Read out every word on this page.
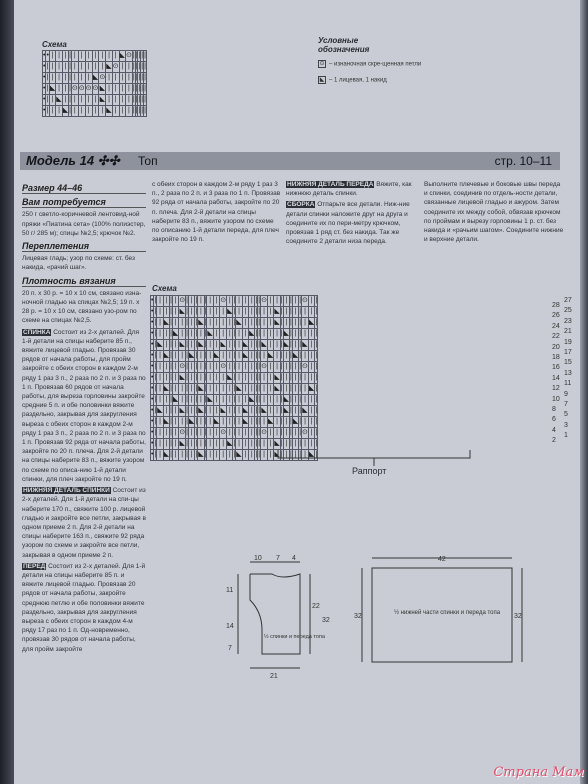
Схема
•	•	|	|	|	|	|	|	|	|	|	|	|	◣	⊙	|	|	|	|	|
•	|	|	|	|	|	|	|	|	|	|	◣	⊙	|	|	|	|	|	|	|
•	|	|	|	|	|	|	|	|	◣	⊙	|	|	|	|	|	|	|	|	|
•	|	◣	|	|	|	⊙	⊙	⊙	⊙	◣	|	|	|	|	|	|	|	|	|
•	|	|	◣	|	|	|	|	|	|	◣	|	|	|	|	|	|	|	|	|
•	|	|	|	◣	|	|	|	|	|	|	◣	|	|	|	|	|	|	|	|
Условные обозначения
⊙ – изнаночная скре-щенная петли
◣ – 1 лицевая, 1 накид
Модель 14 ✣✣ Топ	стр. 10–11
Размер 44–46
Вам потребуется

250 г светло-коричневой лентовид-ной пряжи «Пиатина сета» (100% полиэстер, 50 г/ 285 м); спицы №2,5; крючок №2.

Переплетения

Лицевая гладь; узор по схеме: ст. без накида, «рачий шаг».

Плотность вязания

20 п. х 30 р. = 10 х 10 см, связано изна-ночной гладью на спицах №2,5; 19 п. х 28 р. = 10 х 10 см, связано узо-ром по схеме на спицах №2,5.

СПИНКА Состоит из 2-х деталей. Для 1-й детали на спицы наберите 85 п., вяжите лицевой гладью. Провязав 30 рядов от начала работы, для пройм закройте с обеих сторон в каждом 2-м ряду 1 раз 3 п., 2 раза по 2 п. и 3 раза по 1 п. Провязав 60 рядов от начала работы, для выреза горловины закройте средние 5 п. и обе половинки вяжите раздельно, закрывая для закругления выреза с обеих сторон в каждом 2-м ряду 1 раз 3 п., 2 раза по 2 п. и 3 раза по 1 п. Провязав 92 ряда от начала работы, закройте по 20 п. плеча. Для 2-й детали на спицы наберите 83 п., вяжите узором по схеме по описа-нию 1-й детали спинки, для плеч закройте по 19 п.

НИЖНЯЯ ДЕТАЛЬ СПИНКИ Состоит из 2-х деталей. Для 1-й детали на спи-цы наберите 170 п., свяжите 100 р. лицевой гладью и закройте все петли, закрывая в одном приеме 2 п. Для 2-й детали на спицы наберите 163 п., свяжите 92 ряда узором по схеме и закройте все петли, закрывая в одном приеме 2 п.

ПЕРЕД Состоит из 2-х деталей. Для 1-й детали на спицы наберите 85 п. и вяжите лицевой гладью. Провязав 20 рядов от начала работы, закройте среднюю петлю и обе половинки вяжите раздельно, закрывая для закругления выреза с обеих сторон в каждом 4-м ряду 17 раз по 1 п. Од-новременно, провязав 30 рядов от начала работы, для пройм закройте

с обеих сторон в каждом 2-м ряду 1 раз 3 п., 2 раза по 2 п. и 3 раза по 1 п. Провязав 92 ряда от начала работы, закройте по 20 п. плеча. Для 2-й детали на спицы наберите 83 п., вяжите узором по схеме по описанию 1-й детали переда, для плеч закройте по 19 п.

НИЖНЯЯ ДЕТАЛЬ ПЕРЕДА Вяжите, как нижнюю деталь спинки.

СБОРКА Отпарьте все детали. Ниж-ние детали спинки наложите друг на друга и соедините их по пери-метру крючком, провязав 1 ряд ст. без накида. Так же соедините 2 детали низа переда.

Выполните плечевые и боковые швы переда и спинки, соединив по отдель-ности детали, связанные лицевой гладью и ажуром. Затем соедините их между собой, обвязав крючком по проймам и вырезу горловины 1 р. ст. без накида и «рачьим шагом». Соедините нижние и верхние детали.

Схема
•	|	|	|	|	|	⊙	|	|	|	|	|	|	|	⊙	|	|	|	|	|	|	|	⊙	|	|	|	|	|	|	|	⊙	|	|
•	|	|	|	|	|	◣	|	|	|	|	|	|	|	|	◣	|	|	|	|	|	|	|	|	◣	|	|	|	|	|	|	|	|
•	|	|	◣	|	|	|	|	|	|	◣	|	|	|	|	|	|	◣	|	|	|	|	|	|	◣	|	|	|	|	|	|	◣	|
•	|	|	|	|	◣	|	|	|	|	|	|	◣	|	|	|	|	|	|	◣	|	|	|	|	|	|	◣	|	|	|	|	|	|
•	|	◣	|	|	|	◣	|	|	|	◣	|	|	|	◣	|	|	|	◣	|	|	|	◣	|	|	|	◣	|	|	|	◣	|	|
•	|	|	◣	|	|	|	|	◣	|	|	|	|	◣	|	|	|	|	◣	|	|	|	|	◣	|	|	|	|	◣	|	|	|	|
•	|	|	|	|	|	⊙	|	|	|	|	|	|	|	⊙	|	|	|	|	|	|	|	⊙	|	|	|	|	|	|	|	⊙	|	|
•	|	|	|	|	|	◣	|	|	|	|	|	|	|	|	◣	|	|	|	|	|	|	|	|	◣	|	|	|	|	|	|	|	|
•	|	|	◣	|	|	|	|	|	|	◣	|	|	|	|	|	|	◣	|	|	|	|	|	|	◣	|	|	|	|	|	|	◣	|
•	|	|	|	|	◣	|	|	|	|	|	|	◣	|	|	|	|	|	|	◣	|	|	|	|	|	|	◣	|	|	|	|	|	|
•	|	◣	|	|	|	◣	|	|	|	◣	|	|	|	◣	|	|	|	◣	|	|	|	◣	|	|	|	◣	|	|	|	◣	|	|
•	|	|	◣	|	|	|	|	◣	|	|	|	|	◣	|	|	|	|	◣	|	|	|	|	◣	|	|	|	|	◣	|	|	|	|
•	|	|	|	|	|	⊙	|	|	|	|	|	|	|	⊙	|	|	|	|	|	|	|	⊙	|	|	|	|	|	|	|	⊙	|	|
•	|	|	|	|	|	◣	|	|	|	|	|	|	|	|	◣	|	|	|	|	|	|	|	|	◣	|	|	|	|	|	|	|	|
•	|	|	◣	|	|	|	|	|	|	◣	|	|	|	|	|	|	◣	|	|	|	|	|	|	◣	|	|	|	|	|	|	◣	|
28
26
24
22
20
18
16
14
12
10
8
6
4
2
27
25
23
21
19
17
15
13
11
9
7
5
3
1
Раппорт
10 7 4
11
14
7
22
32
21
½ спинки и переда топа
42
32	32
½ нижней части спинки и переда топа
Страна Мам
